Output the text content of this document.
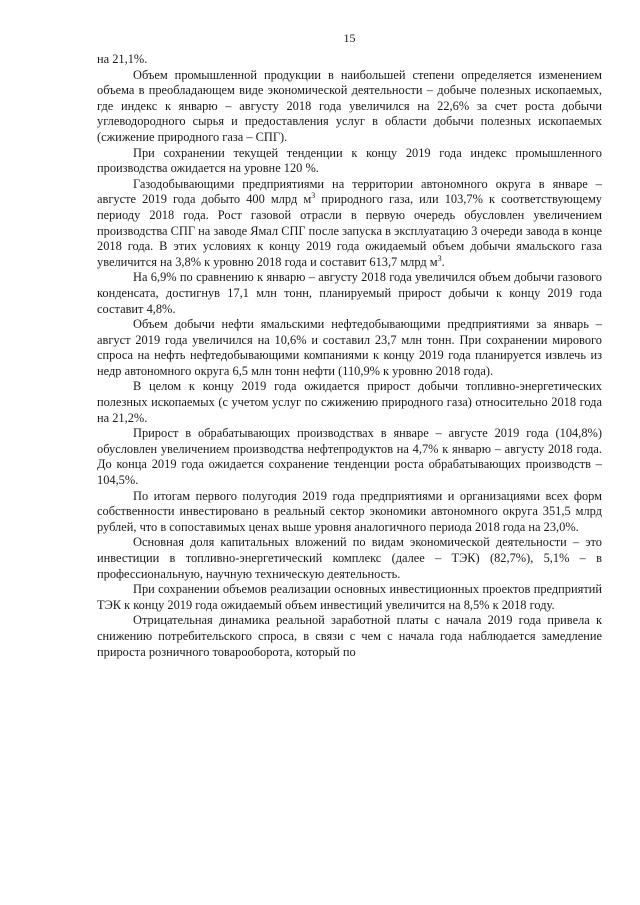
15

на 21,1%.

Объем промышленной продукции в наибольшей степени определяется изменением объема в преобладающем виде экономической деятельности – добыче полезных ископаемых, где индекс к январю – августу 2018 года увеличился на 22,6% за счет роста добычи углеводородного сырья и предоставления услуг в области добычи полезных ископаемых (сжижение природного газа – СПГ).

При сохранении текущей тенденции к концу 2019 года индекс промышленного производства ожидается на уровне 120 %.

Газодобывающими предприятиями на территории автономного округа в январе – августе 2019 года добыто 400 млрд $м^3$ природного газа, или 103,7% к соответствующему периоду 2018 года. Рост газовой отрасли в первую очередь обусловлен увеличением производства СПГ на заводе Ямал СПГ после запуска в эксплуатацию 3 очереди завода в конце 2018 года. В этих условиях к концу 2019 года ожидаемый объем добычи ямальского газа увеличится на 3,8% к уровню 2018 года и составит 613,7 млрд $м^3$.

На 6,9% по сравнению к январю – августу 2018 года увеличился объем добычи газового конденсата, достигнув 17,1 млн тонн, планируемый прирост добычи к концу 2019 года составит 4,8%.

Объем добычи нефти ямальскими нефтедобывающими предприятиями за январь – август 2019 года увеличился на 10,6% и составил 23,7 млн тонн. При сохранении мирового спроса на нефть нефтедобывающими компаниями к концу 2019 года планируется извлечь из недр автономного округа 6,5 млн тонн нефти (110,9% к уровню 2018 года).

В целом к концу 2019 года ожидается прирост добычи топливно-энергетических полезных ископаемых (с учетом услуг по сжижению природного газа) относительно 2018 года на 21,2%.

Прирост в обрабатывающих производствах в январе – августе 2019 года (104,8%) обусловлен увеличением производства нефтепродуктов на 4,7% к январю – августу 2018 года. До конца 2019 года ожидается сохранение тенденции роста обрабатывающих производств – 104,5%.

По итогам первого полугодия 2019 года предприятиями и организациями всех форм собственности инвестировано в реальный сектор экономики автономного округа 351,5 млрд рублей, что в сопоставимых ценах выше уровня аналогичного периода 2018 года на 23,0%.

Основная доля капитальных вложений по видам экономической деятельности – это инвестиции в топливно-энергетический комплекс (далее – ТЭК) (82,7%), 5,1% – в профессиональную, научную техническую деятельность.

При сохранении объемов реализации основных инвестиционных проектов предприятий ТЭК к концу 2019 года ожидаемый объем инвестиций увеличится на 8,5% к 2018 году.

Отрицательная динамика реальной заработной платы с начала 2019 года привела к снижению потребительского спроса, в связи с чем с начала года наблюдается замедление прироста розничного товарооборота, который по
